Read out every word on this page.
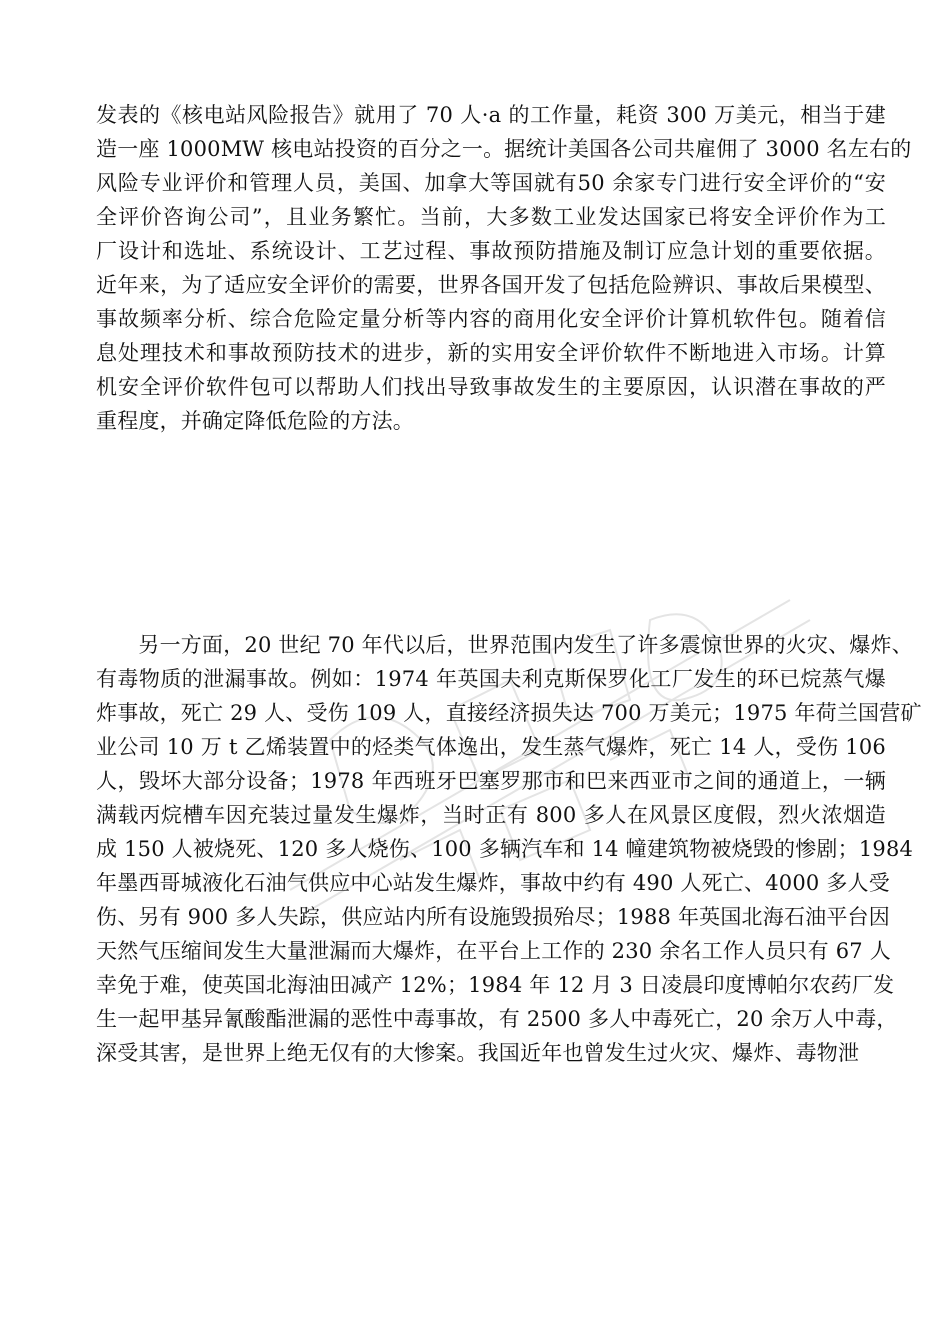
发表的《核电站风险报告》就用了 70 人·a 的工作量，耗资 300 万美元，相当于建
造一座 1000MW 核电站投资的百分之一。据统计美国各公司共雇佣了 3000 名左右的
风险专业评价和管理人员，美国、加拿大等国就有50 余家专门进行安全评价的“安
全评价咨询公司”，且业务繁忙。当前，大多数工业发达国家已将安全评价作为工
厂设计和选址、系统设计、工艺过程、事故预防措施及制订应急计划的重要依据。
近年来，为了适应安全评价的需要，世界各国开发了包括危险辨识、事故后果模型、
事故频率分析、综合危险定量分析等内容的商用化安全评价计算机软件包。随着信
息处理技术和事故预防技术的进步，新的实用安全评价软件不断地进入市场。计算
机安全评价软件包可以帮助人们找出导致事故发生的主要原因，认识潜在事故的严
重程度，并确定降低危险的方法。
　　另一方面，20 世纪 70 年代以后，世界范围内发生了许多震惊世界的火灾、爆炸、
有毒物质的泄漏事故。例如：1974 年英国夫利克斯保罗化工厂发生的环已烷蒸气爆
炸事故，死亡 29 人、受伤 109 人，直接经济损失达 700 万美元；1975 年荷兰国营矿
业公司 10 万 t 乙烯装置中的烃类气体逸出，发生蒸气爆炸，死亡 14 人，受伤 106
人，毁坏大部分设备；1978 年西班牙巴塞罗那市和巴来西亚市之间的通道上，一辆
满载丙烷槽车因充装过量发生爆炸，当时正有 800 多人在风景区度假，烈火浓烟造
成 150 人被烧死、120 多人烧伤、100 多辆汽车和 14 幢建筑物被烧毁的惨剧；1984
年墨西哥城液化石油气供应中心站发生爆炸，事故中约有 490 人死亡、4000 多人受
伤、另有 900 多人失踪，供应站内所有设施毁损殆尽；1988 年英国北海石油平台因
天然气压缩间发生大量泄漏而大爆炸，在平台上工作的 230 余名工作人员只有 67 人
幸免于难，使英国北海油田减产 12%；1984 年 12 月 3 日凌晨印度博帕尔农药厂发
生一起甲基异氰酸酯泄漏的恶性中毒事故，有 2500 多人中毒死亡，20 余万人中毒，
深受其害，是世界上绝无仅有的大惨案。我国近年也曾发生过火灾、爆炸、毒物泄
